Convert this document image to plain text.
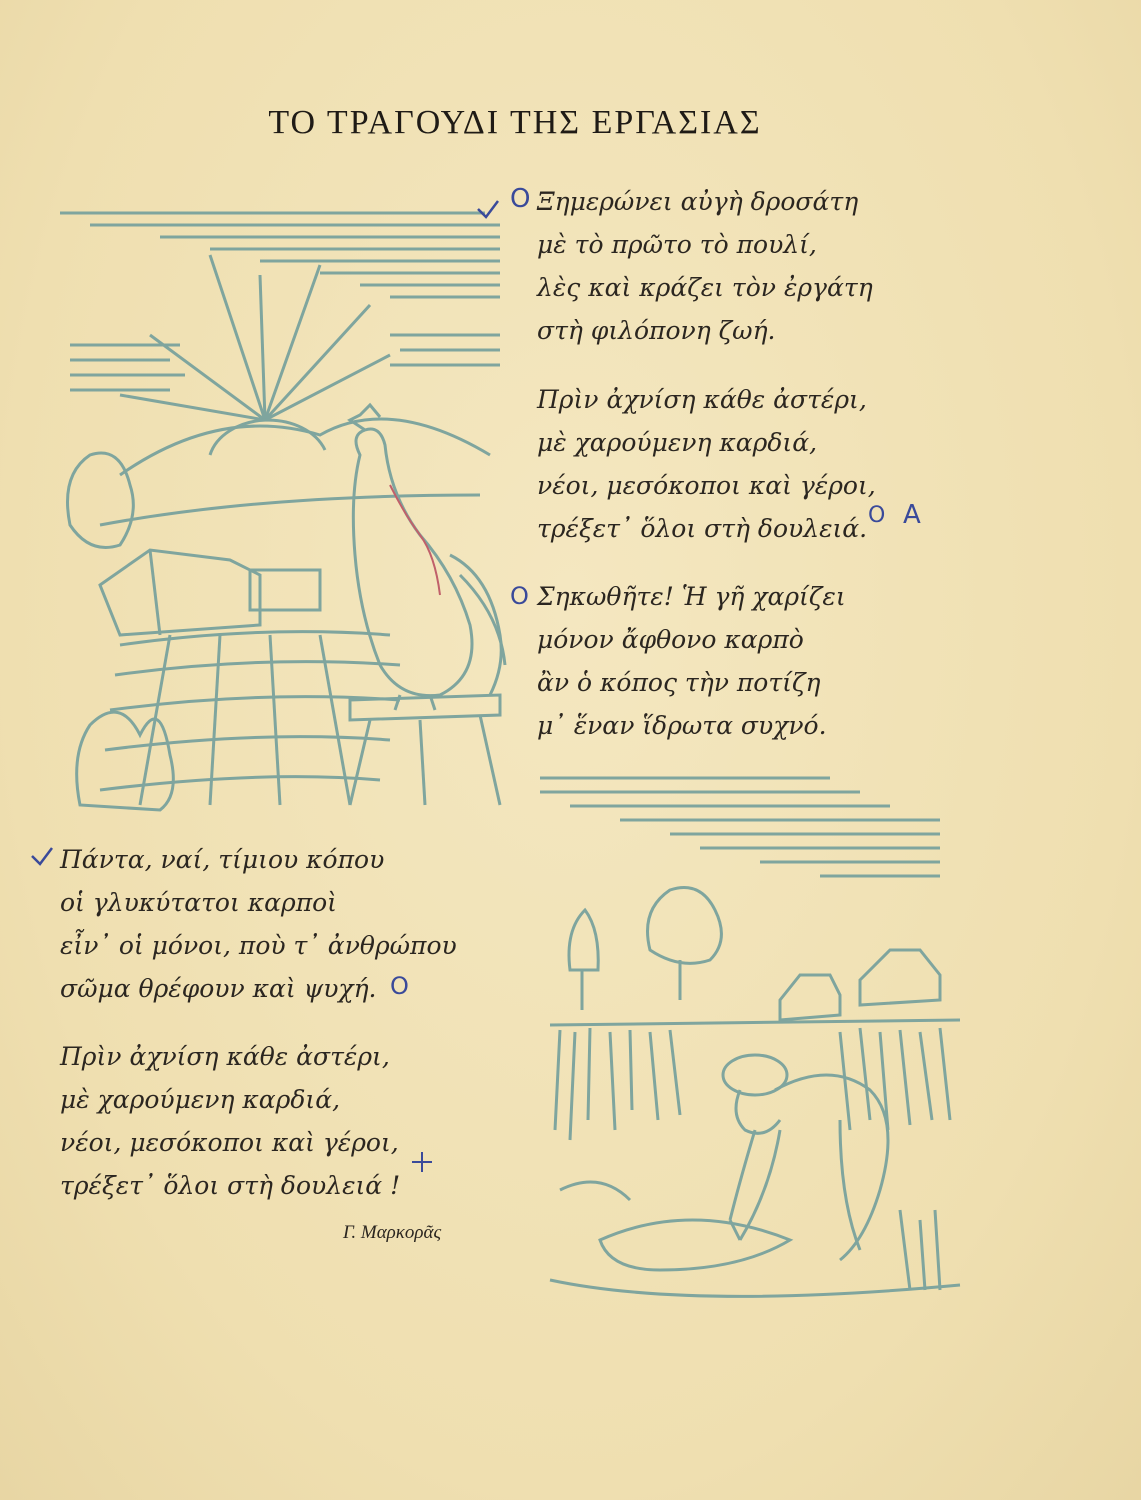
ΤΟ ΤΡΑΓΟΥΔΙ ΤΗΣ ΕΡΓΑΣΙΑΣ
Ξημερώνει αὐγὴ δροσάτη
μὲ τὸ πρῶτο τὸ πουλί,
λὲς καὶ κράζει τὸν ἐργάτη
στὴ φιλόπονη ζωή.
Πρὶν ἀχνίση κάθε ἀστέρι,
μὲ χαρούμενη καρδιά,
νέοι, μεσόκοποι καὶ γέροι,
τρέξετ᾽ ὅλοι στὴ δουλειά.
Σηκωθῆτε! Ἡ γῆ χαρίζει
μόνον ἄφθονο καρπὸ
ἂν ὁ κόπος τὴν ποτίζη
μ᾽ ἕναν ἵδρωτα συχνό.
Πάντα, ναί, τίμιου κόπου
οἱ γλυκύτατοι καρποὶ
εἶν᾽ οἱ μόνοι, ποὺ τ᾽ ἀνθρώπου
σῶμα θρέφουν καὶ ψυχή.
Πρὶν ἀχνίση κάθε ἀστέρι,
μὲ χαρούμενη καρδιά,
νέοι, μεσόκοποι καὶ γέροι,
τρέξετ᾽ ὅλοι στὴ δουλειά !
Γ. Μαρκορᾶς
O
O A
O
O
